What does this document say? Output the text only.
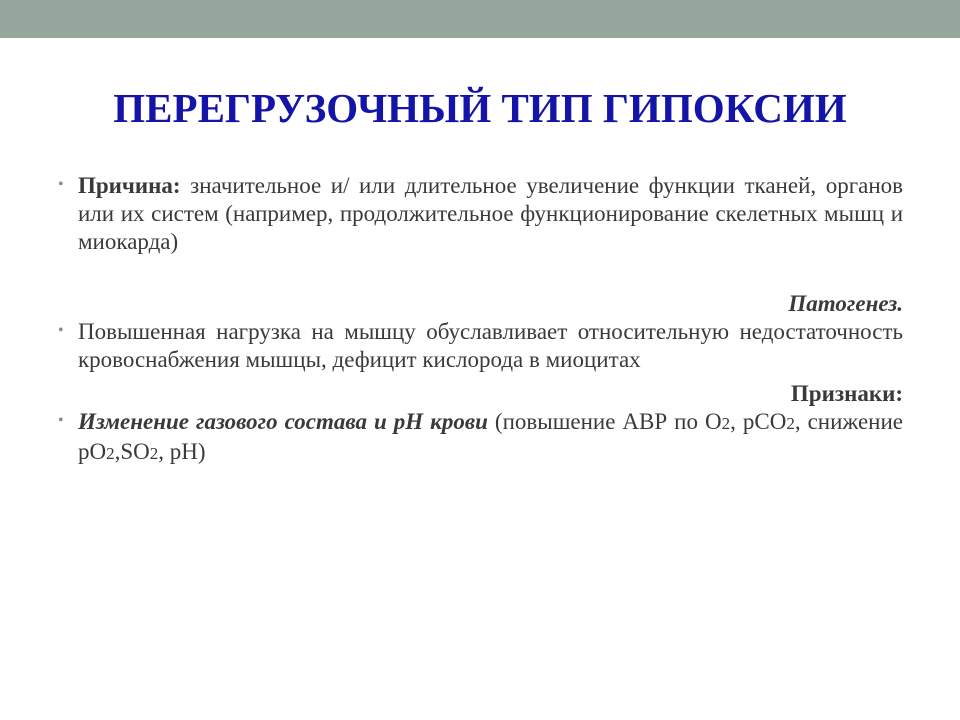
ПЕРЕГРУЗОЧНЫЙ ТИП ГИПОКСИИ
• Причина: значительное и/ или длительное увеличение функции тканей, органов или их систем (например, продолжительное функционирование скелетных мышц и миокарда)
Патогенез.
• Повышенная нагрузка на мышцу обуславливает относительную недостаточность кровоснабжения мышцы, дефицит кислорода в миоцитах
Признаки:
• Изменение газового состава и рН крови (повышение АВР по О2, рСО2, снижение рО2,SO2, рН)
